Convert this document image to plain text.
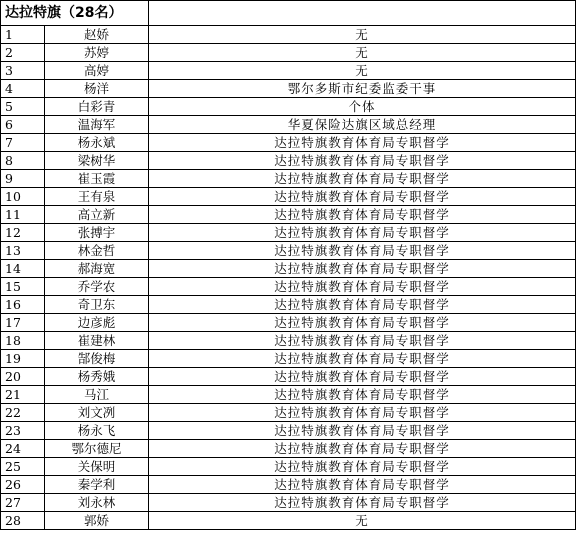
达拉特旗（28名）		
1	赵娇	无
2	苏婷	无
3	高婷	无
4	杨洋	鄂尔多斯市纪委监委干事
5	白彩青	个体
6	温海军	华夏保险达旗区域总经理
7	杨永斌	达拉特旗教育体育局专职督学
8	梁树华	达拉特旗教育体育局专职督学
9	崔玉霞	达拉特旗教育体育局专职督学
10	王有泉	达拉特旗教育体育局专职督学
11	高立新	达拉特旗教育体育局专职督学
12	张搏宇	达拉特旗教育体育局专职督学
13	林金哲	达拉特旗教育体育局专职督学
14	郝海宽	达拉特旗教育体育局专职督学
15	乔学农	达拉特旗教育体育局专职督学
16	奇卫东	达拉特旗教育体育局专职督学
17	边彦彪	达拉特旗教育体育局专职督学
18	崔建林	达拉特旗教育体育局专职督学
19	郜俊梅	达拉特旗教育体育局专职督学
20	杨秀娥	达拉特旗教育体育局专职督学
21	马江	达拉特旗教育体育局专职督学
22	刘文冽	达拉特旗教育体育局专职督学
23	杨永飞	达拉特旗教育体育局专职督学
24	鄂尔德尼	达拉特旗教育体育局专职督学
25	关保明	达拉特旗教育体育局专职督学
26	秦学利	达拉特旗教育体育局专职督学
27	刘永林	达拉特旗教育体育局专职督学
28	郭娇	无
